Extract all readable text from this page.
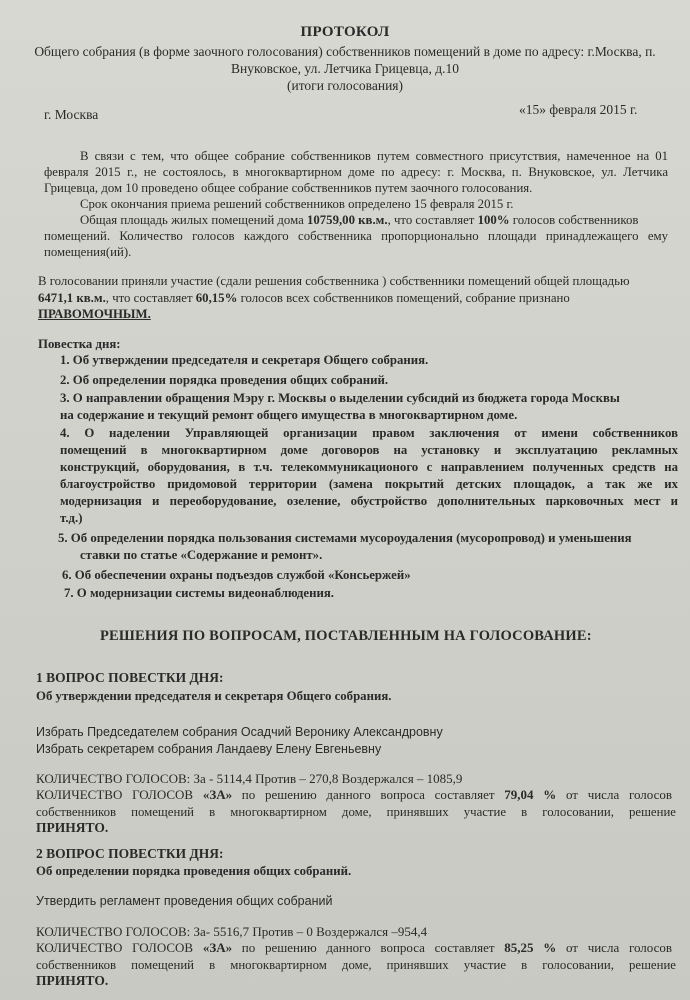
ПРОТОКОЛ
Общего собрания (в форме заочного голосования) собственников помещений в доме по адресу: г.Москва, п.
Внуковское, ул. Летчика Грицевца, д.10
(итоги голосования)
г. Москва	«15» февраля 2015 г.
В связи с тем, что общее собрание собственников путем совместного присутствия, намеченное на 01
февраля 2015 г., не состоялось, в многоквартирном доме по адресу: г. Москва, п. Внуковское, ул. Летчика
Грицевца, дом 10 проведено общее собрание собственников путем заочного голосования.
Срок окончания приема решений собственников определено 15 февраля 2015 г.
Общая площадь жилых помещений дома 10759,00 кв.м., что составляет 100% голосов собственников
помещений. Количество голосов каждого собственника пропорционально площади принадлежащего ему
помещения(ий).
В голосовании приняли участие (сдали решения собственника ) собственники помещений общей площадью
6471,1 кв.м., что составляет 60,15% голосов всех собственников помещений, собрание признано
ПРАВОМОЧНЫМ.
Повестка дня:
1. Об утверждении председателя и секретаря Общего собрания.
2. Об определении порядка проведения общих собраний.
3. О направлении обращения Мэру г. Москвы о выделении субсидий из бюджета города Москвы
на содержание и текущий ремонт общего имущества в многоквартирном доме.
4. О наделении Управляющей организации правом заключения от имени собственников
помещений в многоквартирном доме договоров на установку и эксплуатацию рекламных
конструкций, оборудования, в т.ч. телекоммуникационого с направлением полученных средств на
благоустройство придомовой территории (замена покрытий детских площадок, а так же их
модернизация и переоборудование, озеление, обустройство дополнительных парковочных мест и
т.д.)
5. Об определении порядка пользования системами мусороудаления (мусоропровод) и уменьшения
ставки по статье «Содержание и ремонт».
6. Об обеспечении охраны подъездов службой «Консьержей»
7. О модернизации системы видеонаблюдения.
РЕШЕНИЯ ПО ВОПРОСАМ, ПОСТАВЛЕННЫМ НА ГОЛОСОВАНИЕ:
1 ВОПРОС ПОВЕСТКИ ДНЯ:
Об утверждении председателя и секретаря Общего собрания.
Избрать Председателем собрания Осадчий Веронику Александровну
Избрать секретарем собрания Ландаеву Елену Евгеньевну
КОЛИЧЕСТВО ГОЛОСОВ: За - 5114,4 Против – 270,8 Воздержался – 1085,9
КОЛИЧЕСТВО ГОЛОСОВ «ЗА» по решению данного вопроса составляет 79,04 % от числа голосов
собственников помещений в многоквартирном доме, принявших участие в голосовании, решение
ПРИНЯТО.
2 ВОПРОС ПОВЕСТКИ ДНЯ:
Об определении порядка проведения общих собраний.
Утвердить регламент проведения общих собраний
КОЛИЧЕСТВО ГОЛОСОВ: За- 5516,7 Против – 0 Воздержался –954,4
КОЛИЧЕСТВО ГОЛОСОВ «ЗА» по решению данного вопроса составляет 85,25 % от числа голосов
собственников помещений в многоквартирном доме, принявших участие в голосовании, решение
ПРИНЯТО.
